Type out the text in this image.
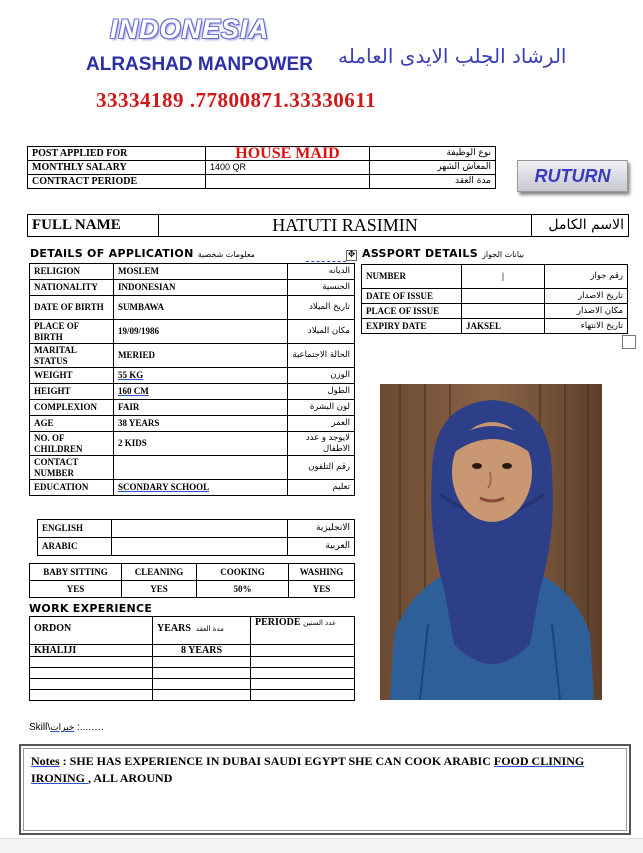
INDONESIA
ALRASHAD MANPOWER الرشاد الجلب الايدى العامله
33334189 .77800871.33330611
POST APPLIED FOR	HOUSE MAID	نوع الوظيفة
MONTHLY SALARY	1400 QR	المعاش الشهر
CONTRACT PERIODE		مدة العقد	RUTURN
FULL NAME	HATUTI RASIMIN	الاسم الكامل
DETAILS OF APPLICATION معلومات شخصية	✥ ASSPORT DETAILS بيانات الجواز
RELIGION	MOSLEM	الديانه
NATIONALITY	INDONESIAN	الجنسية
DATE OF BIRTH	SUMBAWA	تاريخ الميلاد
PLACE OF BIRTH	19/09/1986	مكان الميلاد
MARITAL STATUS	MERIED	الحالة الاجتماعية
WEIGHT	55 KG	الوزن
HEIGHT	160 CM	الطول
COMPLEXION	FAIR	لون البشرة
AGE	38 YEARS	العمر
NO. OF CHILDREN	2 KIDS	لايوجد و عدد الاطفال
CONTACT NUMBER		رقم التلفون
EDUCATION	SCONDARY SCHOOL	تعليم
ENGLISH		الانجليزية
ARABIC		العربية
BABY SITTING	CLEANING	COOKING	WASHING
YES	YES	50%	YES
WORK EXPERIENCE
ORDON	YEARS مدة العقد	PERIODE عدد السنين
KHALIJI	8 YEARS	

NUMBER	|	رقم جواز
DATE OF ISSUE		تاريخ الاصدار
PLACE OF ISSUE		مكان الاصدار
EXPIRY DATE	JAKSEL	تاريخ الانتهاء
Skill\خبرات :....….
Notes : SHE HAS EXPERIENCE IN DUBAI SAUDI EGYPT SHE CAN COOK ARABIC FOOD CLINING IRONING , ALL AROUND
